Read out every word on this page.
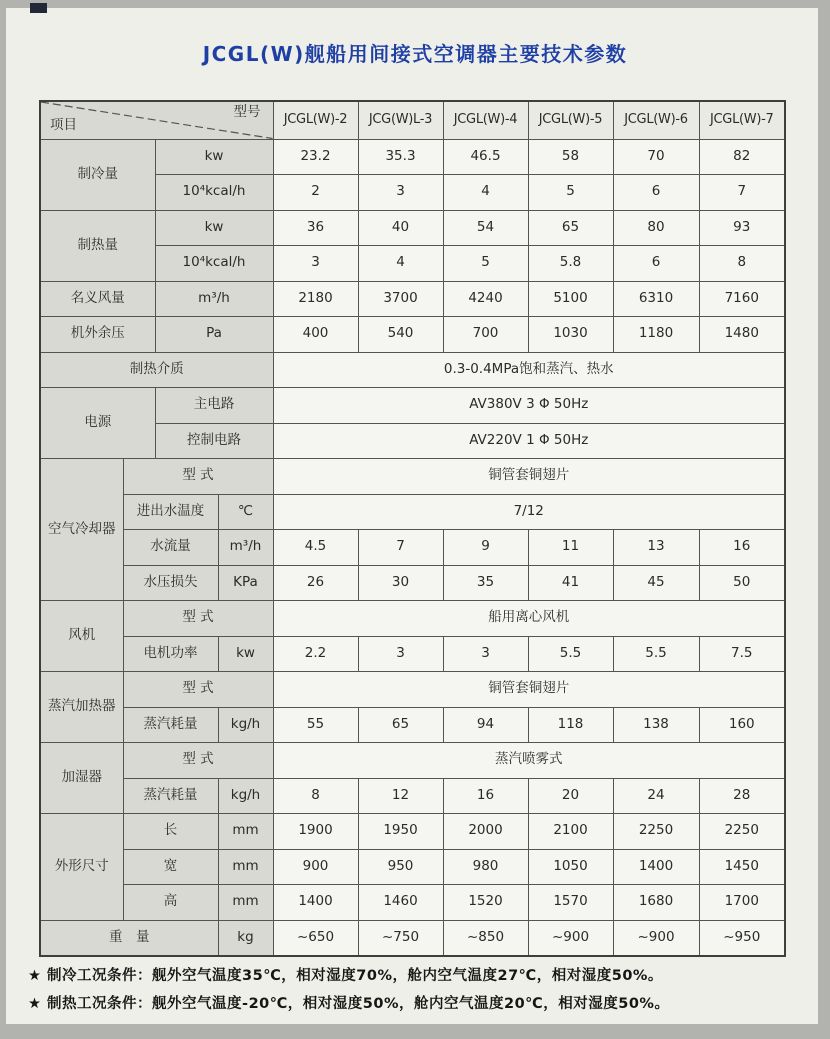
JCGL(W)舰船用间接式空调器主要技术参数
项目
型号				JCGL(W)-2	JCG(W)L-3	JCGL(W)-4	JCGL(W)-5	JCGL(W)-6	JCGL(W)-7
制冷量		kw		23.2	35.3	46.5	58	70	82
		10⁴kcal/h		2	3	4	5	6	7
制热量		kw		36	40	54	65	80	93
		10⁴kcal/h		3	4	5	5.8	6	8
名义风量		m³/h		2180	3700	4240	5100	6310	7160
机外余压		Pa		400	540	700	1030	1180	1480
制热介质				0.3-0.4MPa饱和蒸汽、热水					
电源		主电路		AV380V 3 Φ 50Hz					
		控制电路		AV220V 1 Φ 50Hz					
空气冷却器	型 式			铜管套铜翅片					
	进出水温度		℃	7/12					
	水流量		m³/h	4.5	7	9	11	13	16
	水压损失		KPa	26	30	35	41	45	50
风机	型 式			船用离心风机					
	电机功率		kw	2.2	3	3	5.5	5.5	7.5
蒸汽加热器	型 式			铜管套铜翅片					
	蒸汽耗量		kg/h	55	65	94	118	138	160
加湿器	型 式			蒸汽喷雾式					
	蒸汽耗量		kg/h	8	12	16	20	24	28
外形尺寸	长		mm	1900	1950	2000	2100	2250	2250
	宽		mm	900	950	980	1050	1400	1450
	高		mm	1400	1460	1520	1570	1680	1700
重　量			kg	~650	~750	~850	~900	~900	~950
★ 制冷工况条件：舰外空气温度35℃，相对湿度70%，舱内空气温度27℃，相对湿度50%。
★ 制热工况条件：舰外空气温度-20℃，相对湿度50%，舱内空气温度20℃，相对湿度50%。
